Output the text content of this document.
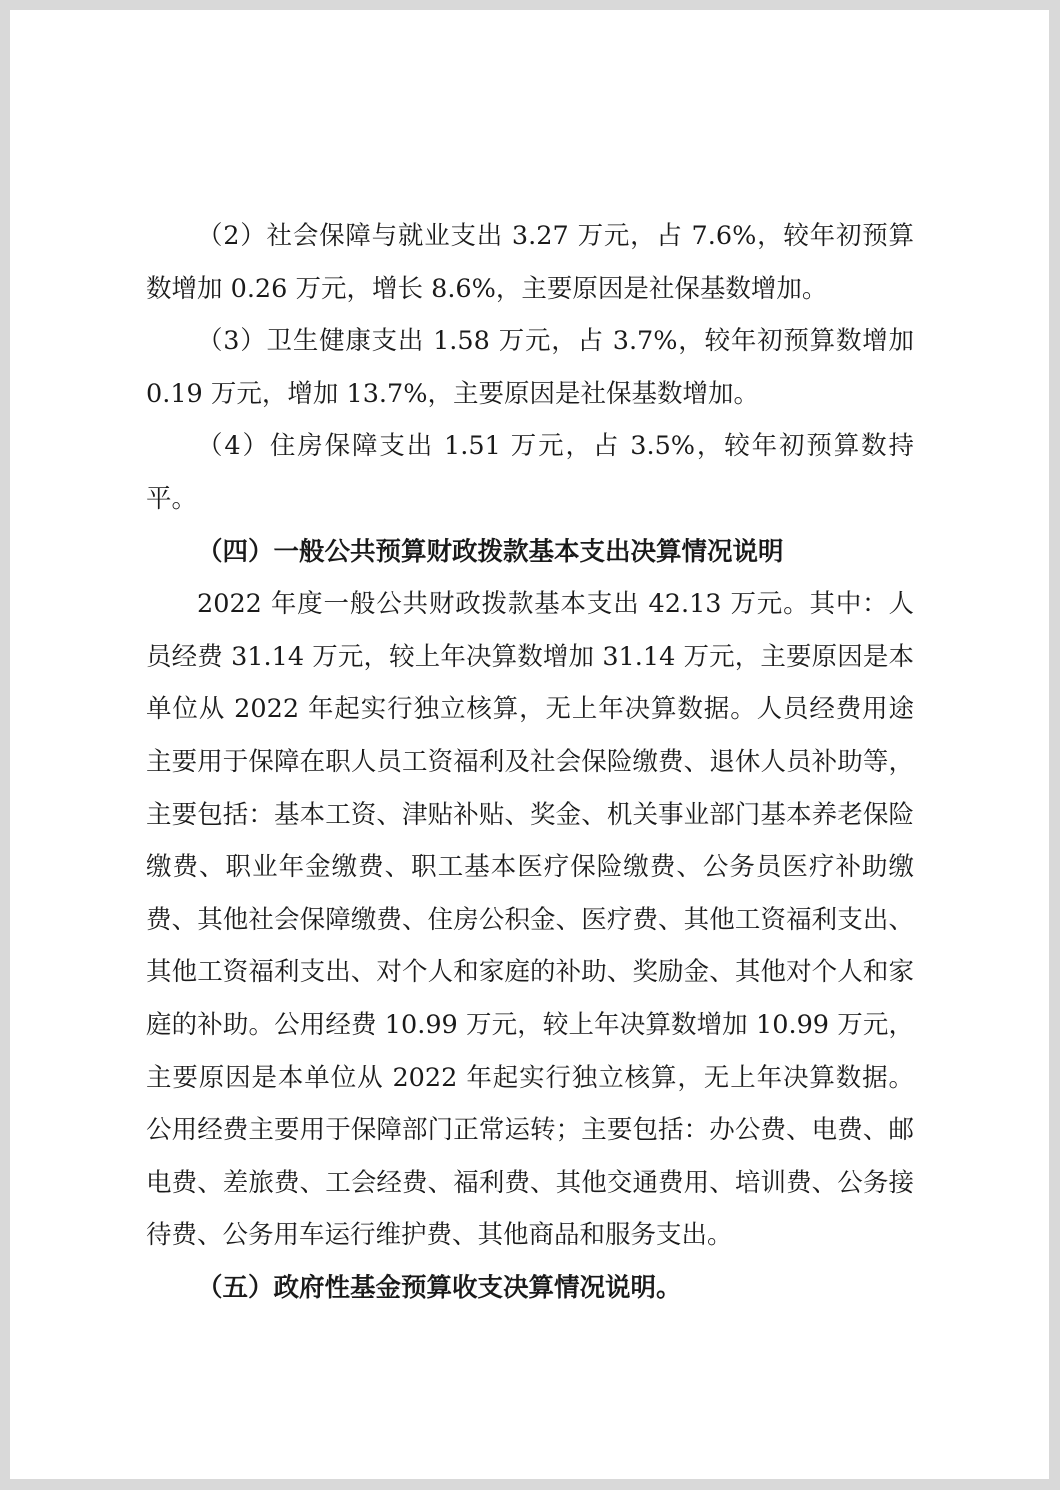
（2）社会保障与就业支出 3.27 万元，占 7.6%，较年初预算数增加 0.26 万元，增长 8.6%，主要原因是社保基数增加。

（3）卫生健康支出 1.58 万元，占 3.7%，较年初预算数增加 0.19 万元，增加 13.7%，主要原因是社保基数增加。

（4）住房保障支出 1.51 万元，占 3.5%，较年初预算数持平。

（四）一般公共预算财政拨款基本支出决算情况说明

2022 年度一般公共财政拨款基本支出 42.13 万元。其中：人员经费 31.14 万元，较上年决算数增加 31.14 万元，主要原因是本单位从 2022 年起实行独立核算，无上年决算数据。人员经费用途主要用于保障在职人员工资福利及社会保险缴费、退休人员补助等，主要包括：基本工资、津贴补贴、奖金、机关事业部门基本养老保险缴费、职业年金缴费、职工基本医疗保险缴费、公务员医疗补助缴费、其他社会保障缴费、住房公积金、医疗费、其他工资福利支出、其他工资福利支出、对个人和家庭的补助、奖励金、其他对个人和家庭的补助。公用经费 10.99 万元，较上年决算数增加 10.99 万元，主要原因是本单位从 2022 年起实行独立核算，无上年决算数据。公用经费主要用于保障部门正常运转；主要包括：办公费、电费、邮电费、差旅费、工会经费、福利费、其他交通费用、培训费、公务接待费、公务用车运行维护费、其他商品和服务支出。

（五）政府性基金预算收支决算情况说明。
